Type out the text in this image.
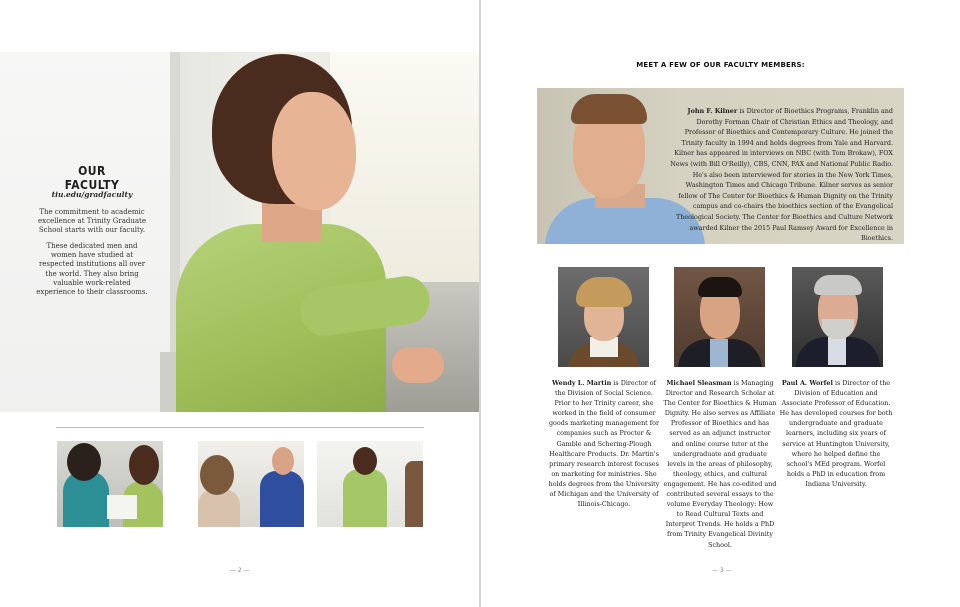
OUR FACULTY
tiu.edu/gradfaculty
The commitment to academic excellence at Trinity Graduate School starts with our faculty.
These dedicated men and women have studied at respected institutions all over the world. They also bring valuable work-related experience to their classrooms.
— 2 —
MEET A FEW OF OUR FACULTY MEMBERS:

John F. Kilner is Director of Bioethics Programs, Franklin and Dorothy Forman Chair of Christian Ethics and Theology, and Professor of Bioethics and Contemporary Culture. He joined the Trinity faculty in 1994 and holds degrees from Yale and Harvard. Kilner has appeared in interviews on NBC (with Tom Brokaw), FOX News (with Bill O'Reilly), CBS, CNN, PAX and National Public Radio. He's also been interviewed for stories in the New York Times, Washington Times and Chicago Tribune. Kilner serves as senior fellow of The Center for Bioethics & Human Dignity on the Trinity campus and co-chairs the bioethics section of the Evangelical Theological Society. The Center for Bioethics and Culture Network awarded Kilner the 2015 Paul Ramsey Award for Excellence in Bioethics.

Wendy L. Martin is Director of the Division of Social Science. Prior to her Trinity career, she worked in the field of consumer goods marketing management for companies such as Procter & Gamble and Schering-Plough Healthcare Products. Dr. Martin's primary research interest focuses on marketing for ministries. She holds degrees from the University of Michigan and the University of Illinois-Chicago.

Michael Sleasman is Managing Director and Research Scholar at The Center for Bioethics & Human Dignity. He also serves as Affiliate Professor of Bioethics and has served as an adjunct instructor and online course tutor at the undergraduate and graduate levels in the areas of philosophy, theology, ethics, and cultural engagement. He has co-edited and contributed several essays to the volume Everyday Theology: How to Read Cultural Texts and Interpret Trends. He holds a PhD from Trinity Evangelical Divinity School.

Paul A. Worfel is Director of the Division of Education and Associate Professor of Education. He has developed courses for both undergraduate and graduate learners, including six years of service at Huntington University, where he helped define the school's MEd program. Worfel holds a PhD in education from Indiana University.

— 3 —
